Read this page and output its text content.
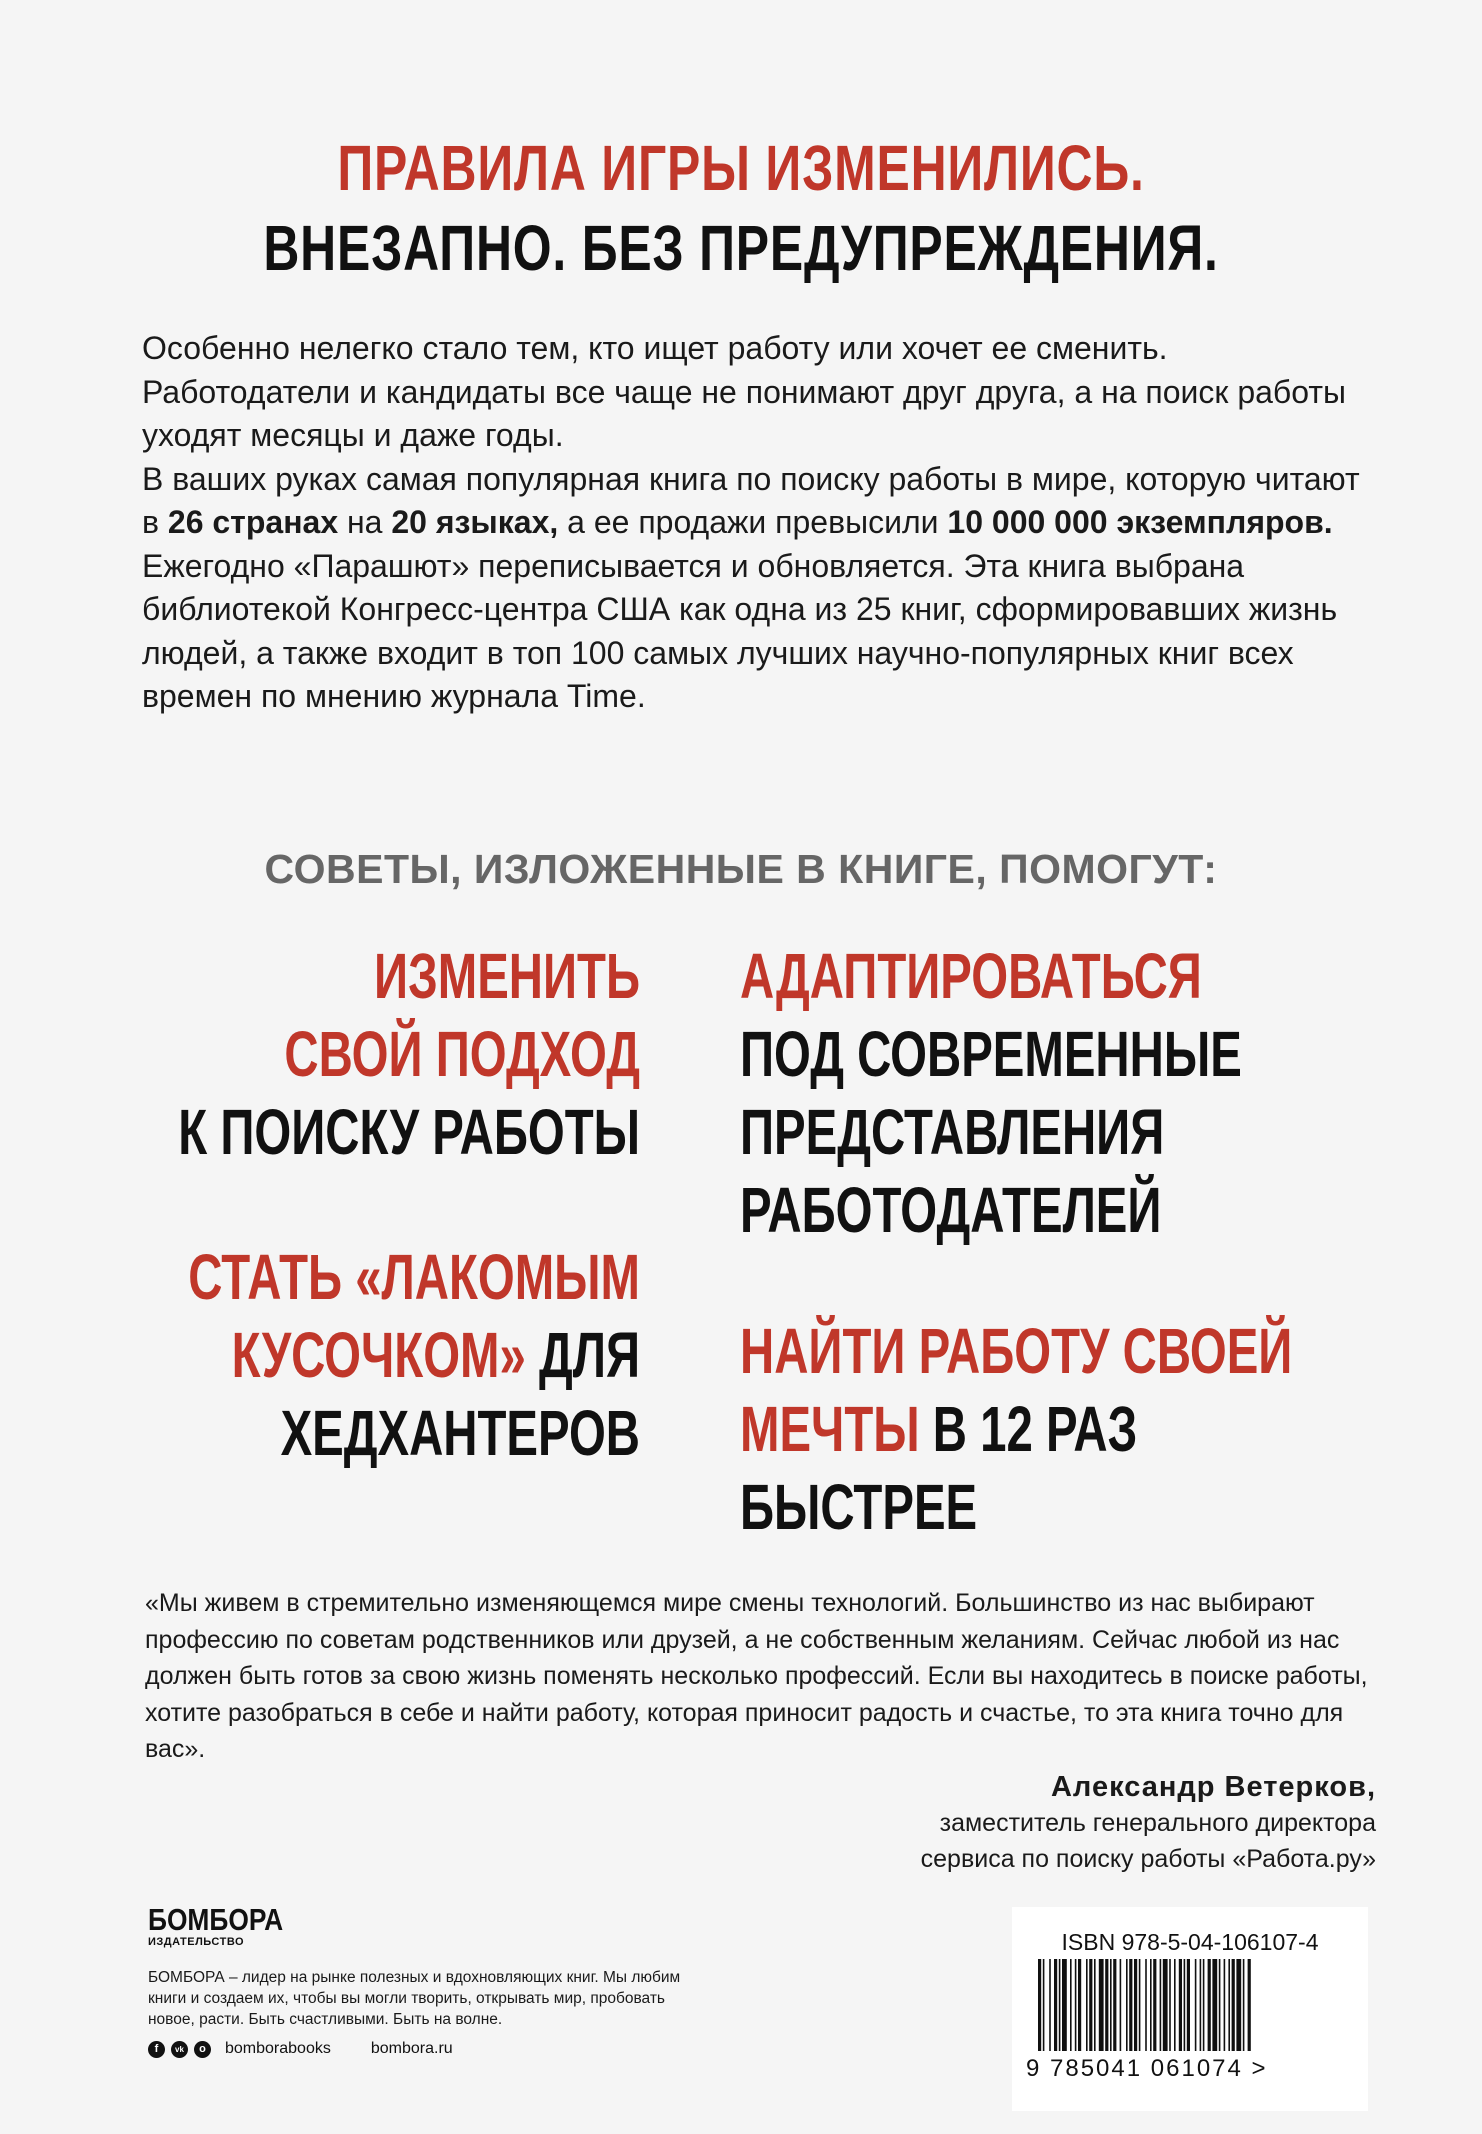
ПРАВИЛА ИГРЫ ИЗМЕНИЛИСЬ.
ВНЕЗАПНО. БЕЗ ПРЕДУПРЕЖДЕНИЯ.

Особенно нелегко стало тем, кто ищет работу или хочет ее сменить. Работодатели и кандидаты все чаще не понимают друг друга, а на поиск работы уходят месяцы и даже годы.

В ваших руках самая популярная книга по поиску работы в мире, которую читают в 26 странах на 20 языках, а ее продажи превысили 10 000 000 экземпляров. Ежегодно «Парашют» переписывается и обновляется. Эта книга выбрана библиотекой Конгресс-центра США как одна из 25 книг, сформировавших жизнь людей, а также входит в топ 100 самых лучших научно-популярных книг всех времен по мнению журнала Time.

СОВЕТЫ, ИЗЛОЖЕННЫЕ В КНИГЕ, ПОМОГУТ:
ИЗМЕНИТЬ
СВОЙ ПОДХОД
К ПОИСКУ РАБОТЫ
АДАПТИРОВАТЬСЯ
ПОД СОВРЕМЕННЫЕ
ПРЕДСТАВЛЕНИЯ
РАБОТОДАТЕЛЕЙ
СТАТЬ «ЛАКОМЫМ
КУСОЧКОМ» ДЛЯ
ХЕДХАНТЕРОВ
НАЙТИ РАБОТУ СВОЕЙ
МЕЧТЫ В 12 РАЗ
БЫСТРЕЕ
«Мы живем в стремительно изменяющемся мире смены технологий. Большинство из нас выбирают профессию по советам родственников или друзей, а не собственным желаниям. Сейчас любой из нас должен быть готов за свою жизнь поменять несколько профессий. Если вы находитесь в поиске работы, хотите разобраться в себе и найти работу, которая приносит радость и счастье, то эта книга точно для вас».
Александр Ветерков,
заместитель генерального директора
сервиса по поиску работы «Работа.ру»
БОМБОРА
ИЗДАТЕЛЬСТВО
БОМБОРА – лидер на рынке полезных и вдохновляющих книг. Мы любим книги и создаем их, чтобы вы могли творить, открывать мир, пробовать новое, расти. Быть счастливыми. Быть на волне.
f	vk	o	bomborabooks	bombora.ru
ISBN 978-5-04-106107-4
9 785041 061074 >
